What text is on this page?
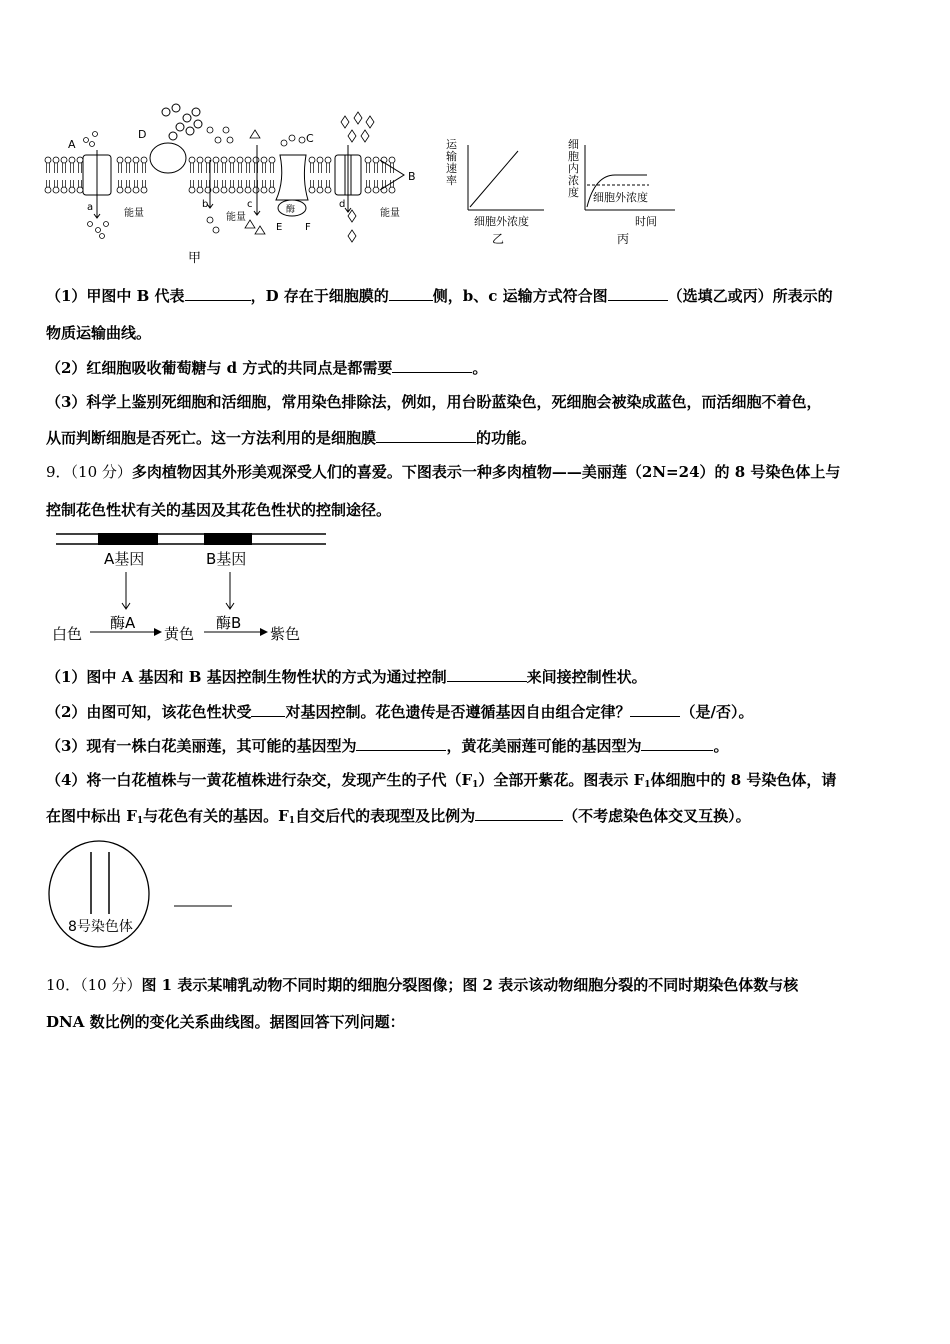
A
D	C
B
a	b	c	d
E F
酶
能量	能量	能量
甲
乙
运输速率
细胞外浓度
丙
细胞内浓度 细胞外浓度
时间
（1）甲图中 B 代表	，D 存在于细胞膜的	侧，b、c 运输方式符合图	（选填乙或丙）所表示的
物质运输曲线。
（2）红细胞吸收葡萄糖与 d 方式的共同点是都需要	。
（3）科学上鉴别死细胞和活细胞，常用染色排除法，例如，用台盼蓝染色，死细胞会被染成蓝色，而活细胞不着色，
从而判断细胞是否死亡。这一方法利用的是细胞膜	的功能。
9．（10 分）多肉植物因其外形美观深受人们的喜爱。下图表示一种多肉植物——美丽莲（2N=24）的 8 号染色体上与
控制花色性状有关的基因及其花色性状的控制途径。
A基因	B基因
酶A	酶B
白色	黄色	紫色
（1）图中 A 基因和 B 基因控制生物性状的方式为通过控制	来间接控制性状。
（2）由图可知，该花色性状受 对基因控制。花色遗传是否遵循基因自由组合定律？	（是/否）。
（3）现有一株白花美丽莲，其可能的基因型为	，黄花美丽莲可能的基因型为	。
（4）将一白花植株与一黄花植株进行杂交，发现产生的子代$(F_1)$全部开紫花。图表示 $F_1$体细胞中的 8 号染色体，请
在图中标出 $F_1$与花色有关的基因。$F_1$自交后代的表现型及比例为	（不考虑染色体交叉互换）。
8号染色体
10．（10 分）图 1 表示某哺乳动物不同时期的细胞分裂图像；图 2 表示该动物细胞分裂的不同时期染色体数与核
DNA 数比例的变化关系曲线图。据图回答下列问题：
